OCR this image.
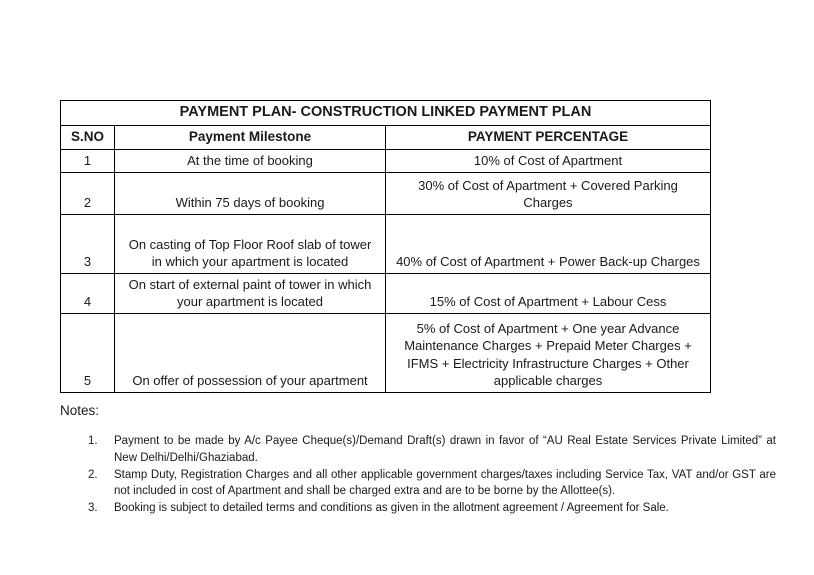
PAYMENT PLAN- CONSTRUCTION LINKED PAYMENT PLAN		
S.NO	Payment Milestone	PAYMENT PERCENTAGE
1	At the time of booking	10% of Cost of Apartment
2	Within 75 days of booking	30% of Cost of Apartment + Covered Parking Charges
3	On casting of Top Floor Roof slab of tower in which your apartment is located	40% of Cost of Apartment + Power Back-up Charges
4	On start of external paint of tower in which your apartment is located	15% of Cost of Apartment + Labour Cess
5	On offer of possession of your apartment	5% of Cost of Apartment + One year Advance Maintenance Charges + Prepaid Meter Charges + IFMS + Electricity Infrastructure Charges + Other applicable charges
Notes:
1.	Payment to be made by A/c Payee Cheque(s)/Demand Draft(s) drawn in favor of “AU Real Estate Services Private Limited” at New Delhi/Delhi/Ghaziabad.
2.	Stamp Duty, Registration Charges and all other applicable government charges/taxes including Service Tax, VAT and/or GST are not included in cost of Apartment and shall be charged extra and are to be borne by the Allottee(s).
3.	Booking is subject to detailed terms and conditions as given in the allotment agreement / Agreement for Sale.
